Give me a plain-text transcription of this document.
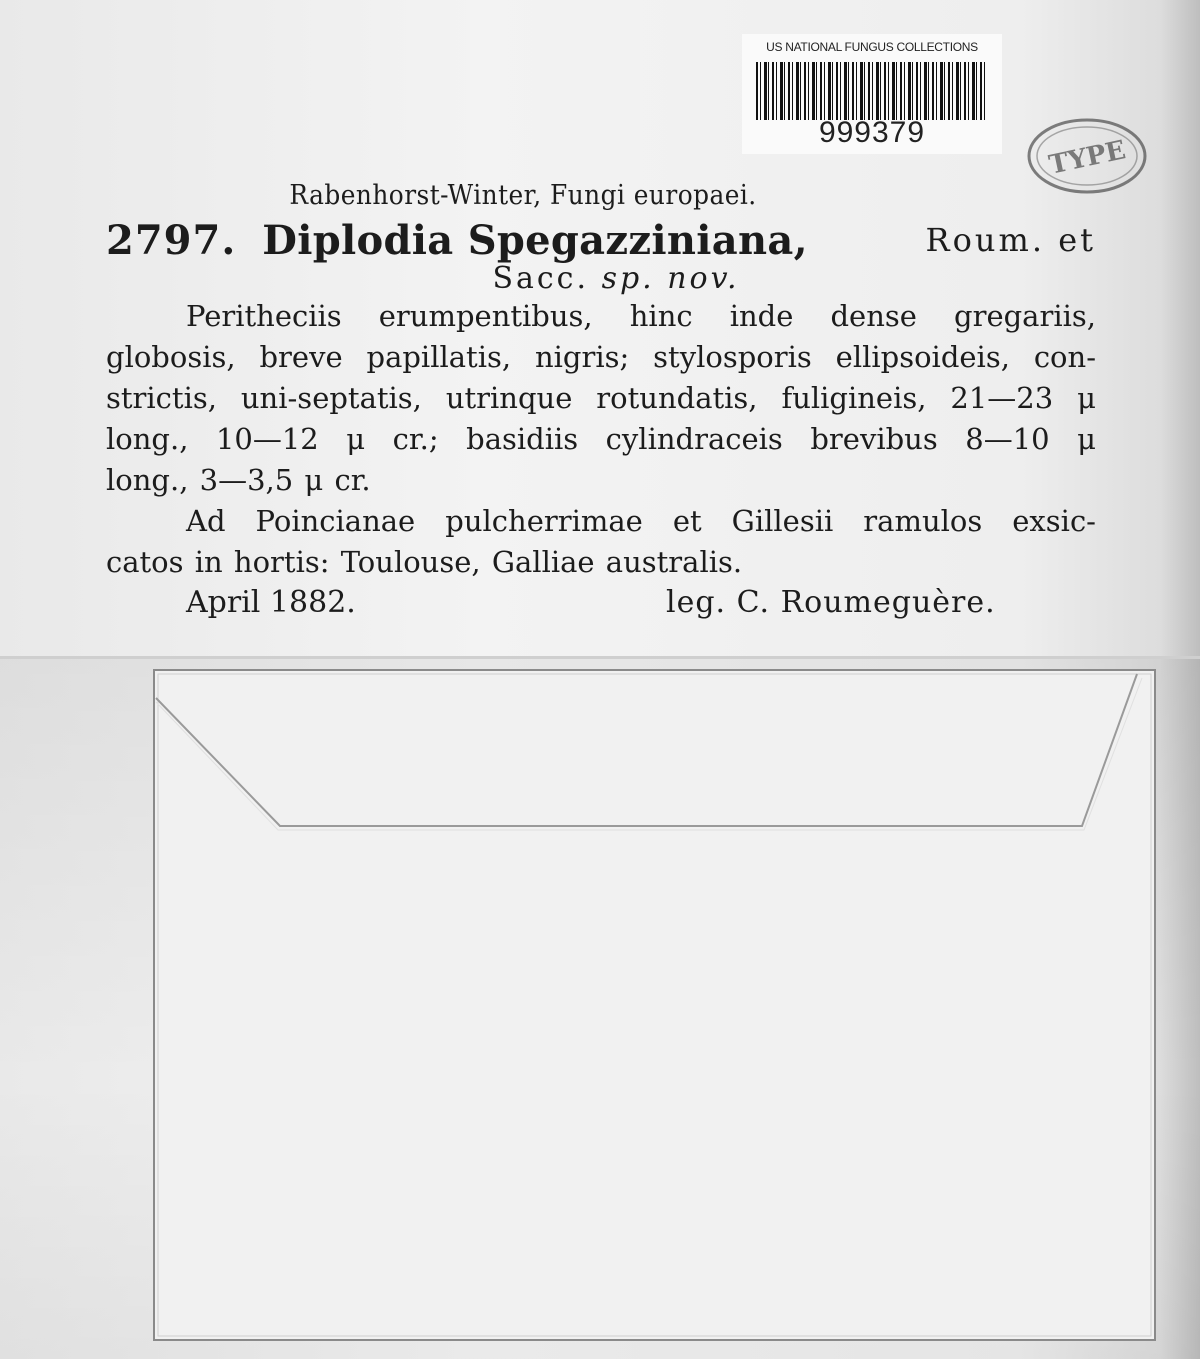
US NATIONAL FUNGUS COLLECTIONS
999379
TYPE
Rabenhorst-Winter, Fungi europaei.
2797. Diplodia Spegazziniana,	Roum. et
Sacc. sp. nov.
Peritheciis erumpentibus, hinc inde dense gregariis,
globosis, breve papillatis, nigris; stylosporis ellipsoideis, con-
strictis, uni-septatis, utrinque rotundatis, fuligineis, 21—23 μ
long., 10—12 μ cr.; basidiis cylindraceis brevibus 8—10 μ
long., 3—3,5 μ cr.
Ad Poincianae pulcherrimae et Gillesii ramulos exsic-
catos in hortis: Toulouse, Galliae australis.
April 1882.	leg. C. Roumeguère.
